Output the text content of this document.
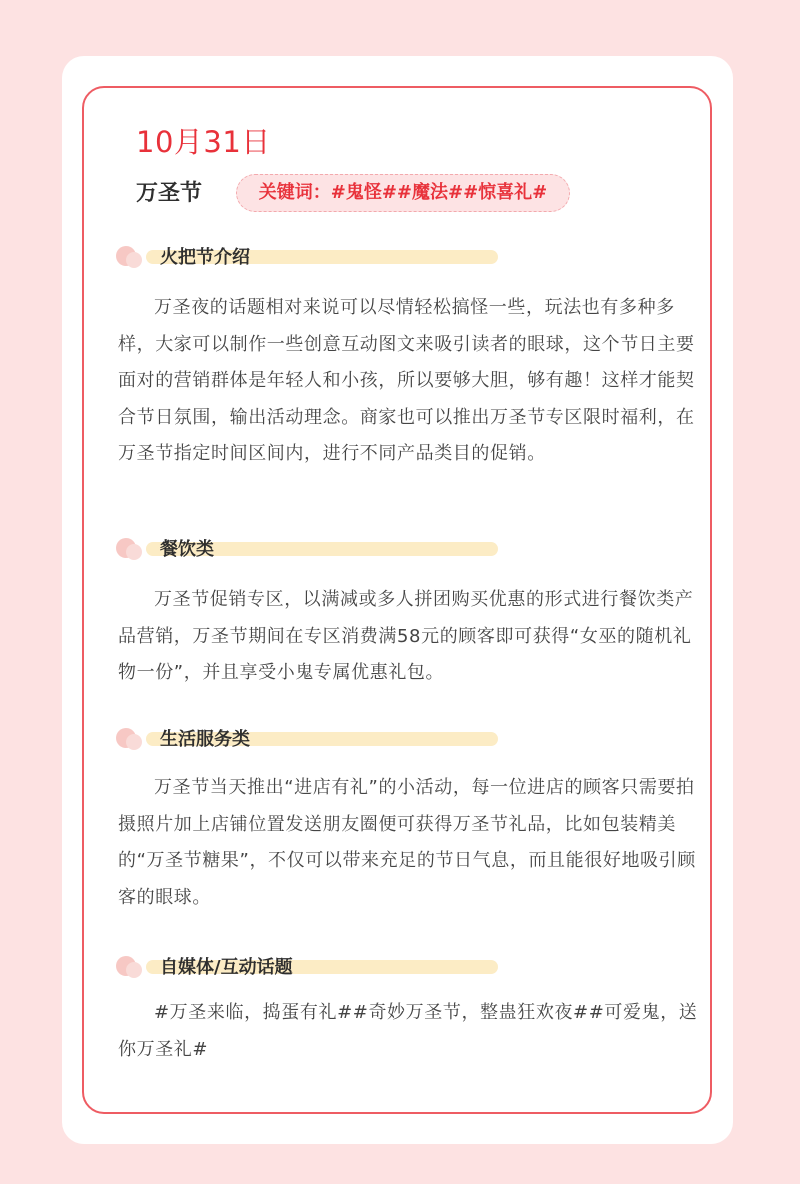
10月31日
万圣节	关键词：#鬼怪##魔法##惊喜礼#
火把节介绍
万圣夜的话题相对来说可以尽情轻松搞怪一些，玩法也有多种多样，大家可以制作一些创意互动图文来吸引读者的眼球，这个节日主要面对的营销群体是年轻人和小孩，所以要够大胆，够有趣！这样才能契合节日氛围，输出活动理念。商家也可以推出万圣节专区限时福利，在万圣节指定时间区间内，进行不同产品类目的促销。
餐饮类
万圣节促销专区，以满减或多人拼团购买优惠的形式进行餐饮类产品营销，万圣节期间在专区消费满58元的顾客即可获得“女巫的随机礼物一份”，并且享受小鬼专属优惠礼包。
生活服务类
万圣节当天推出“进店有礼”的小活动，每一位进店的顾客只需要拍摄照片加上店铺位置发送朋友圈便可获得万圣节礼品，比如包装精美的“万圣节糖果”，不仅可以带来充足的节日气息，而且能很好地吸引顾客的眼球。
自媒体/互动话题
#万圣来临，捣蛋有礼##奇妙万圣节，整蛊狂欢夜##可爱鬼，送你万圣礼#
